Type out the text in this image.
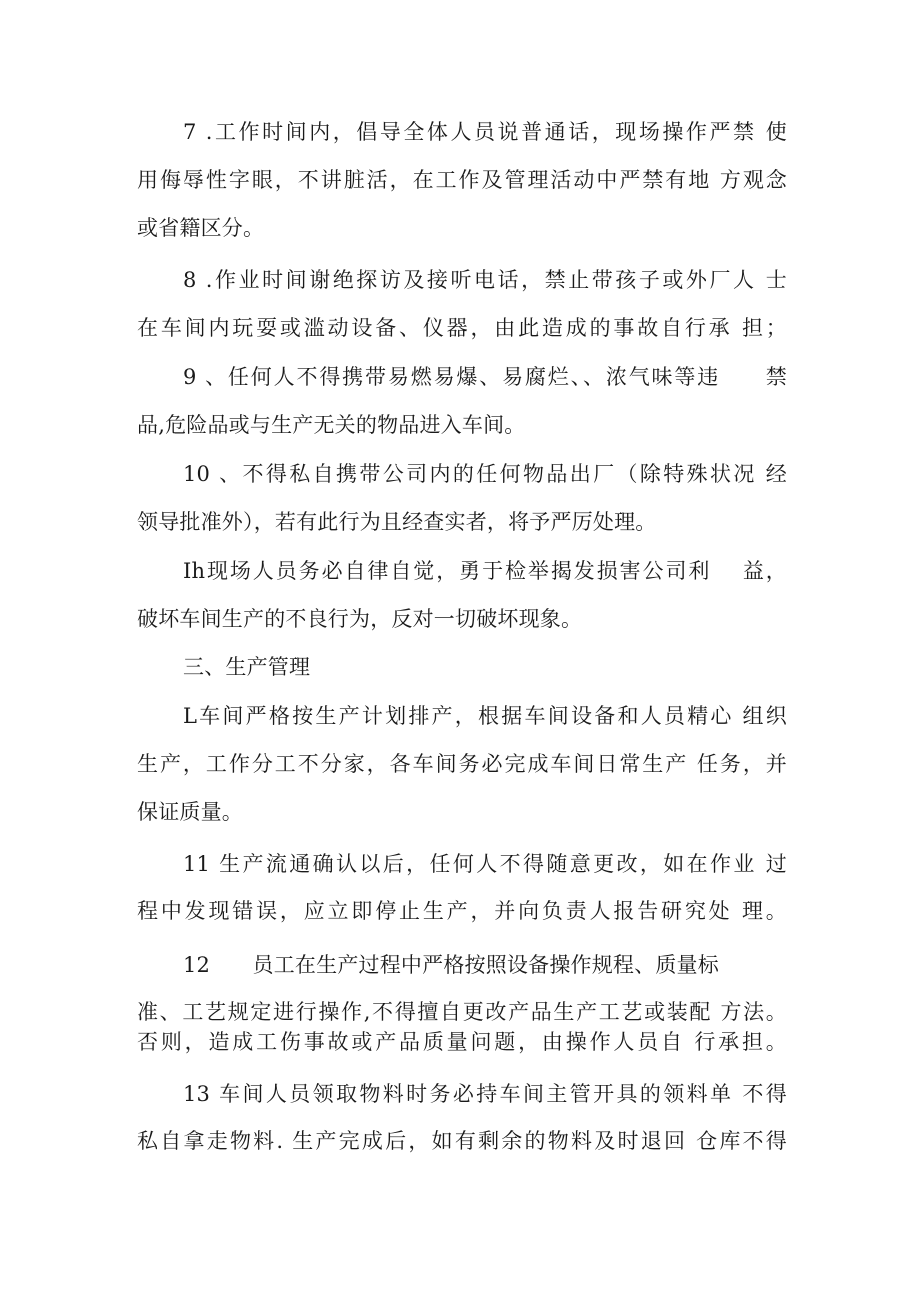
7 .工作时间内，倡导全体人员说普通话，现场操作严禁 使
用侮辱性字眼，不讲脏活，在工作及管理活动中严禁有地 方观念
或省籍区分。
8 .作业时间谢绝探访及接听电话，禁止带孩子或外厂人 士
在车间内玩耍或滥动设备、仪器，由此造成的事故自行承 担；
9 、任何人不得携带易燃易爆、易腐烂、、浓气味等违　　禁
品,危险品或与生产无关的物品进入车间。
10 、不得私自携带公司内的任何物品出厂（除特殊状况 经
领导批准外），若有此行为且经查实者，将予严厉处理。
Ih现场人员务必自律自觉，勇于检举揭发损害公司利　 益，
破坏车间生产的不良行为，反对一切破坏现象。
三、生产管理
L车间严格按生产计划排产，根据车间设备和人员精心 组织
生产，工作分工不分家，各车间务必完成车间日常生产 任务，并
保证质量。
11 生产流通确认以后，任何人不得随意更改，如在作业 过
程中发现错误，应立即停止生产，并向负责人报告研究处 理。
12　　员工在生产过程中严格按照设备操作规程、质量标
准、工艺规定进行操作,不得擅自更改产品生产工艺或装配 方法。
否则，造成工伤事故或产品质量问题，由操作人员自 行承担。
13 车间人员领取物料时务必持车间主管开具的领料单 不得
私自拿走物料. 生产完成后，如有剩余的物料及时退回 仓库不得
